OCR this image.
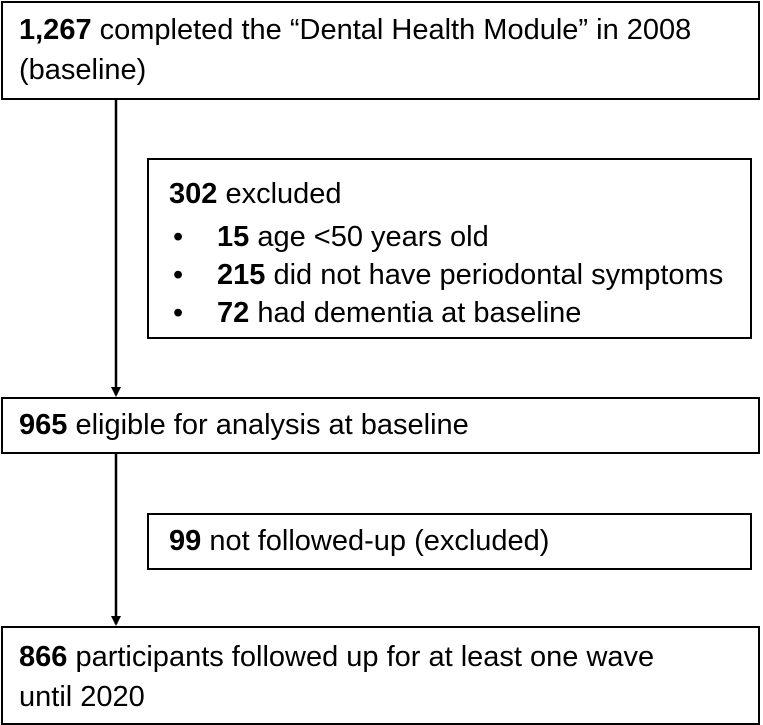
1,267 completed the “Dental Health Module” in 2008
(baseline)
302 excluded
• 15 age <50 years old
• 215 did not have periodontal symptoms
• 72 had dementia at baseline
965 eligible for analysis at baseline
99 not followed-up (excluded)
866 participants followed up for at least one wave
until 2020
